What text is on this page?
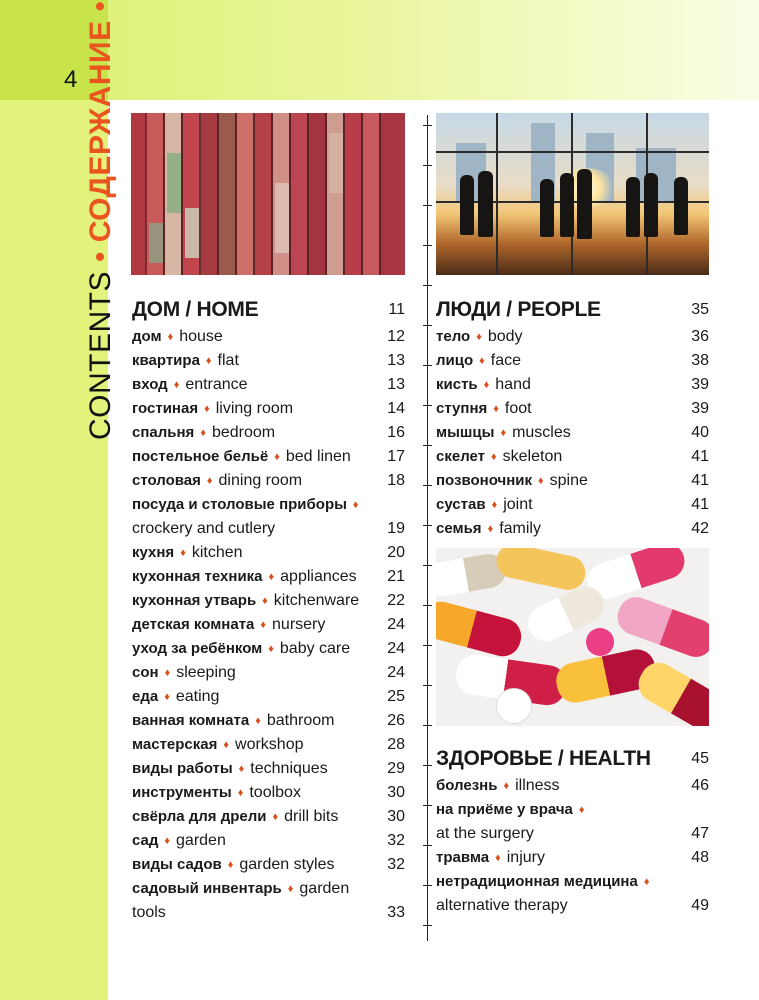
4
CONTENTS • СОДЕРЖАНИЕ •
ДОМ / HOME	11
дом ♦ house	12
квартира ♦ flat	13
вход ♦ entrance	13
гостиная ♦ living room	14
спальня ♦ bedroom	16
постельное бельё ♦ bed linen 17
столовая ♦ dining room	18
посуда и столовые приборы ♦
crockery and cutlery	19
кухня ♦ kitchen	20
кухонная техника ♦ appliances 21
кухонная утварь ♦ kitchenware 22
детская комната ♦ nursery	24
уход за ребёнком ♦ baby care 24
сон ♦ sleeping	24
еда ♦ eating	25
ванная комната ♦ bathroom	26
мастерская ♦ workshop	28
виды работы ♦ techniques	29
инструменты ♦ toolbox	30
свёрла для дрели ♦ drill bits	30
сад ♦ garden	32
виды садов ♦ garden styles	32
садовый инвентарь ♦ garden
tools	33
ЛЮДИ / PEOPLE	35
тело ♦ body	36
лицо ♦ face	38
кисть ♦ hand	39
ступня ♦ foot	39
мышцы ♦ muscles	40
скелет ♦ skeleton	41
позвоночник ♦ spine	41
сустав ♦ joint	41
семья ♦ family	42
ЗДОРОВЬЕ / HEALTH	45
болезнь ♦ illness	46
на приёме у врача ♦
at the surgery	47
травма ♦ injury	48
нетрадиционная медицина ♦
alternative therapy	49
